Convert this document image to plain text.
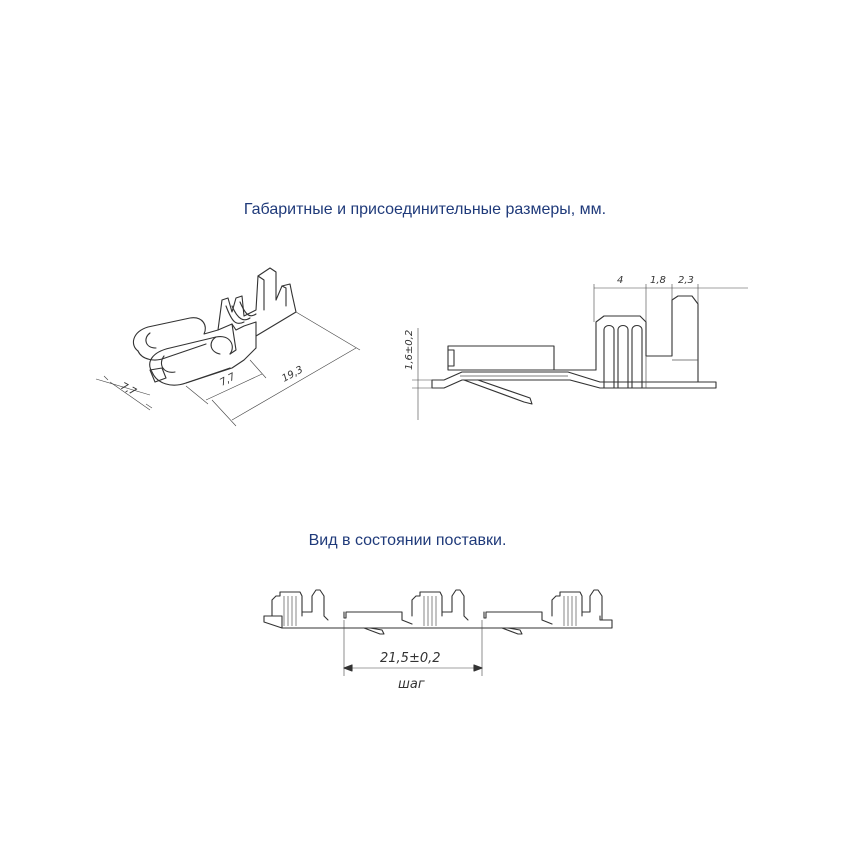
Габаритные и присоединительные размеры, мм.
Вид в состоянии поставки.
7,7
7,7	19,3
4	1,8 2,3
1,6±0,2
21,5±0,2
шаг
